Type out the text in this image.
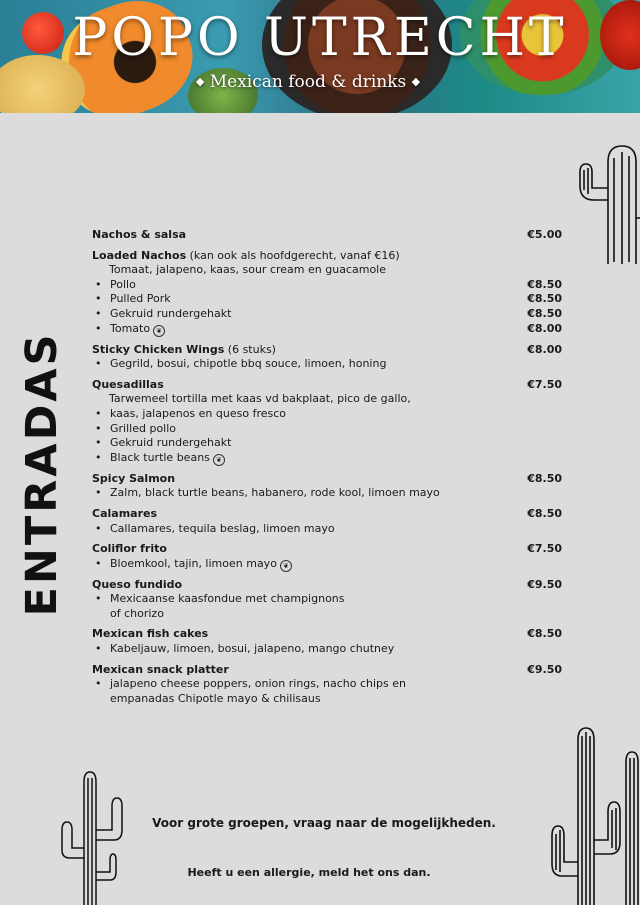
POPO UTRECHT
◆ Mexican food & drinks ◆
ENTRADAS
Nachos & salsa	€5.00
Loaded Nachos (kan ook als hoofdgerecht, vanaf €16)
Tomaat, jalapeno, kaas, sour cream en guacamole
• Pollo	€8.50
• Pulled Pork	€8.50
• Gekruid rundergehakt	€8.50
• Tomato ❦	€8.00
Sticky Chicken Wings (6 stuks)	€8.00
• Gegrild, bosui, chipotle bbq souce, limoen, honing
Quesadillas	€7.50
Tarwemeel tortilla met kaas vd bakplaat, pico de gallo,
• kaas, jalapenos en queso fresco
• Grilled pollo
• Gekruid rundergehakt
• Black turtle beans ❦
Spicy Salmon	€8.50
• Zalm, black turtle beans, habanero, rode kool, limoen mayo
Calamares	€8.50
• Callamares, tequila beslag, limoen mayo
Coliflor frito	€7.50
• Bloemkool, tajin, limoen mayo ❦
Queso fundido	€9.50
• Mexicaanse kaasfondue met champignons
of chorizo
Mexican fish cakes	€8.50
• Kabeljauw, limoen, bosui, jalapeno, mango chutney
Mexican snack platter	€9.50
• jalapeno cheese poppers, onion rings, nacho chips en
empanadas Chipotle mayo & chilisaus
Voor grote groepen, vraag naar de mogelijkheden.
Heeft u een allergie, meld het ons dan.
